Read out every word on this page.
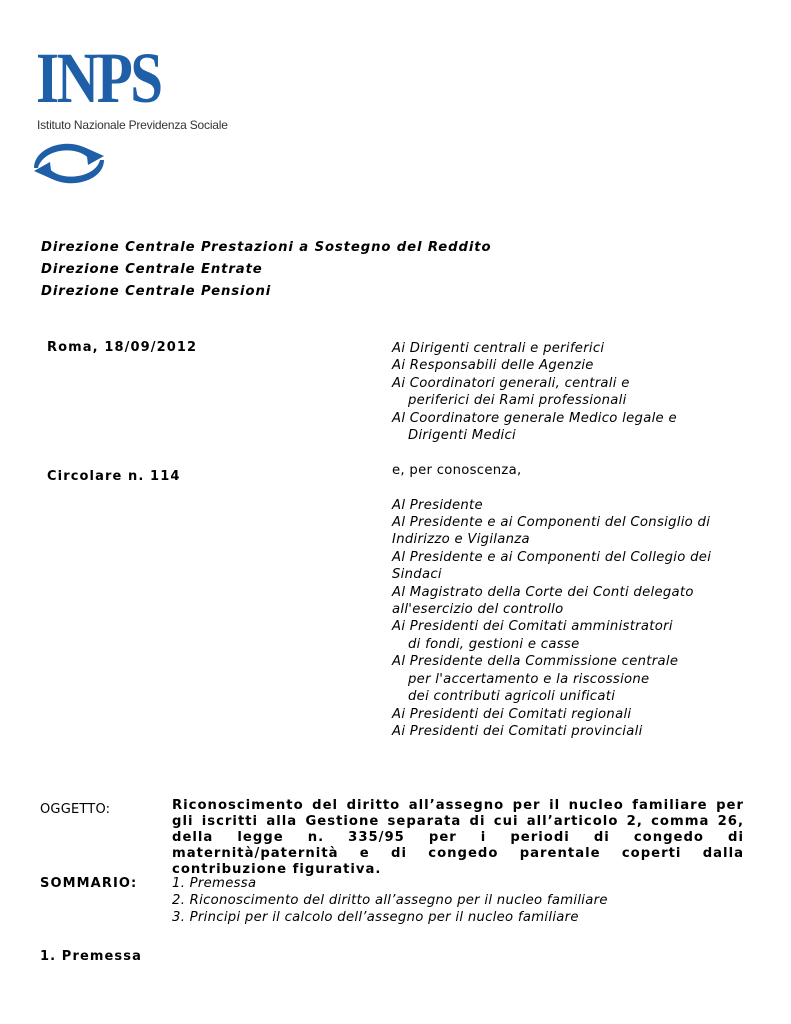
INPS
Istituto Nazionale Previdenza Sociale
Direzione Centrale Prestazioni a Sostegno del Reddito
Direzione Centrale Entrate
Direzione Centrale Pensioni
Roma, 18/09/2012
Circolare n. 114
Ai Dirigenti centrali e periferici
Ai Responsabili delle Agenzie
Ai Coordinatori generali, centrali e
periferici dei Rami professionali
Al Coordinatore generale Medico legale e
Dirigenti Medici
e, per conoscenza,
Al Presidente
Al Presidente e ai Componenti del Consiglio di
Indirizzo e Vigilanza
Al Presidente e ai Componenti del Collegio dei
Sindaci
Al Magistrato della Corte dei Conti delegato
all'esercizio del controllo
Ai Presidenti dei Comitati amministratori
di fondi, gestioni e casse
Al Presidente della Commissione centrale
per l'accertamento e la riscossione
dei contributi agricoli unificati
Ai Presidenti dei Comitati regionali
Ai Presidenti dei Comitati provinciali
OGGETTO:	Riconoscimento del diritto all’assegno per il nucleo familiare per gli iscritti alla Gestione separata di cui all’articolo 2, comma 26, della legge n. 335/95 per i periodi di congedo di maternità/paternità e di congedo parentale coperti dalla contribuzione figurativa.
SOMMARIO:	1. Premessa
2. Riconoscimento del diritto all’assegno per il nucleo familiare
3. Principi per il calcolo dell’assegno per il nucleo familiare
1. Premessa
